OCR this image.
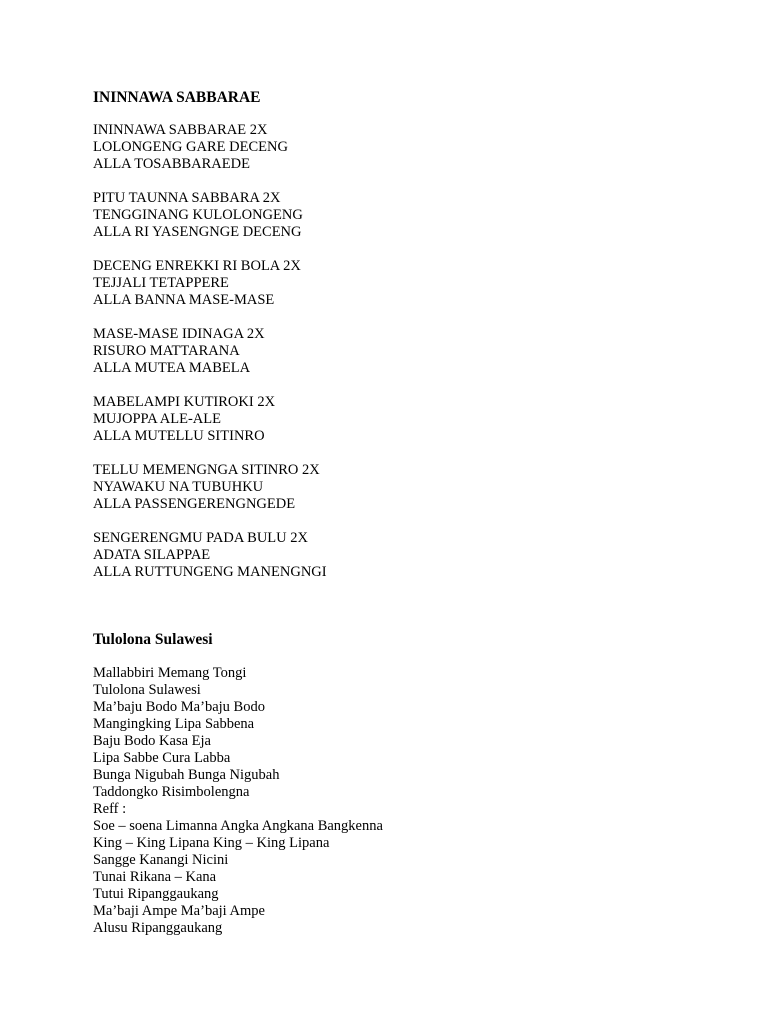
ININNAWA SABBARAE

ININNAWA SABBARAE 2X

LOLONGENG GARE DECENG

ALLA TOSABBARAEDE

PITU TAUNNA SABBARA 2X

TENGGINANG KULOLONGENG

ALLA RI YASENGNGE DECENG

DECENG ENREKKI RI BOLA 2X

TEJJALI TETAPPERE

ALLA BANNA MASE-MASE

MASE-MASE IDINAGA 2X

RISURO MATTARANA

ALLA MUTEA MABELA

MABELAMPI KUTIROKI 2X

MUJOPPA ALE-ALE

ALLA MUTELLU SITINRO

TELLU MEMENGNGA SITINRO 2X

NYAWAKU NA TUBUHKU

ALLA PASSENGERENGNGEDE

SENGERENGMU PADA BULU 2X

ADATA SILAPPAE

ALLA RUTTUNGENG MANENGNGI

Tulolona Sulawesi

Mallabbiri Memang Tongi

Tulolona Sulawesi

Ma’baju Bodo Ma’baju Bodo

Mangingking Lipa Sabbena

Baju Bodo Kasa Eja

Lipa Sabbe Cura Labba

Bunga Nigubah Bunga Nigubah

Taddongko Risimbolengna

Reff :

Soe – soena Limanna Angka Angkana Bangkenna

King – King Lipana King – King Lipana

Sangge Kanangi Nicini

Tunai Rikana – Kana

Tutui Ripanggaukang

Ma’baji Ampe Ma’baji Ampe

Alusu Ripanggaukang
